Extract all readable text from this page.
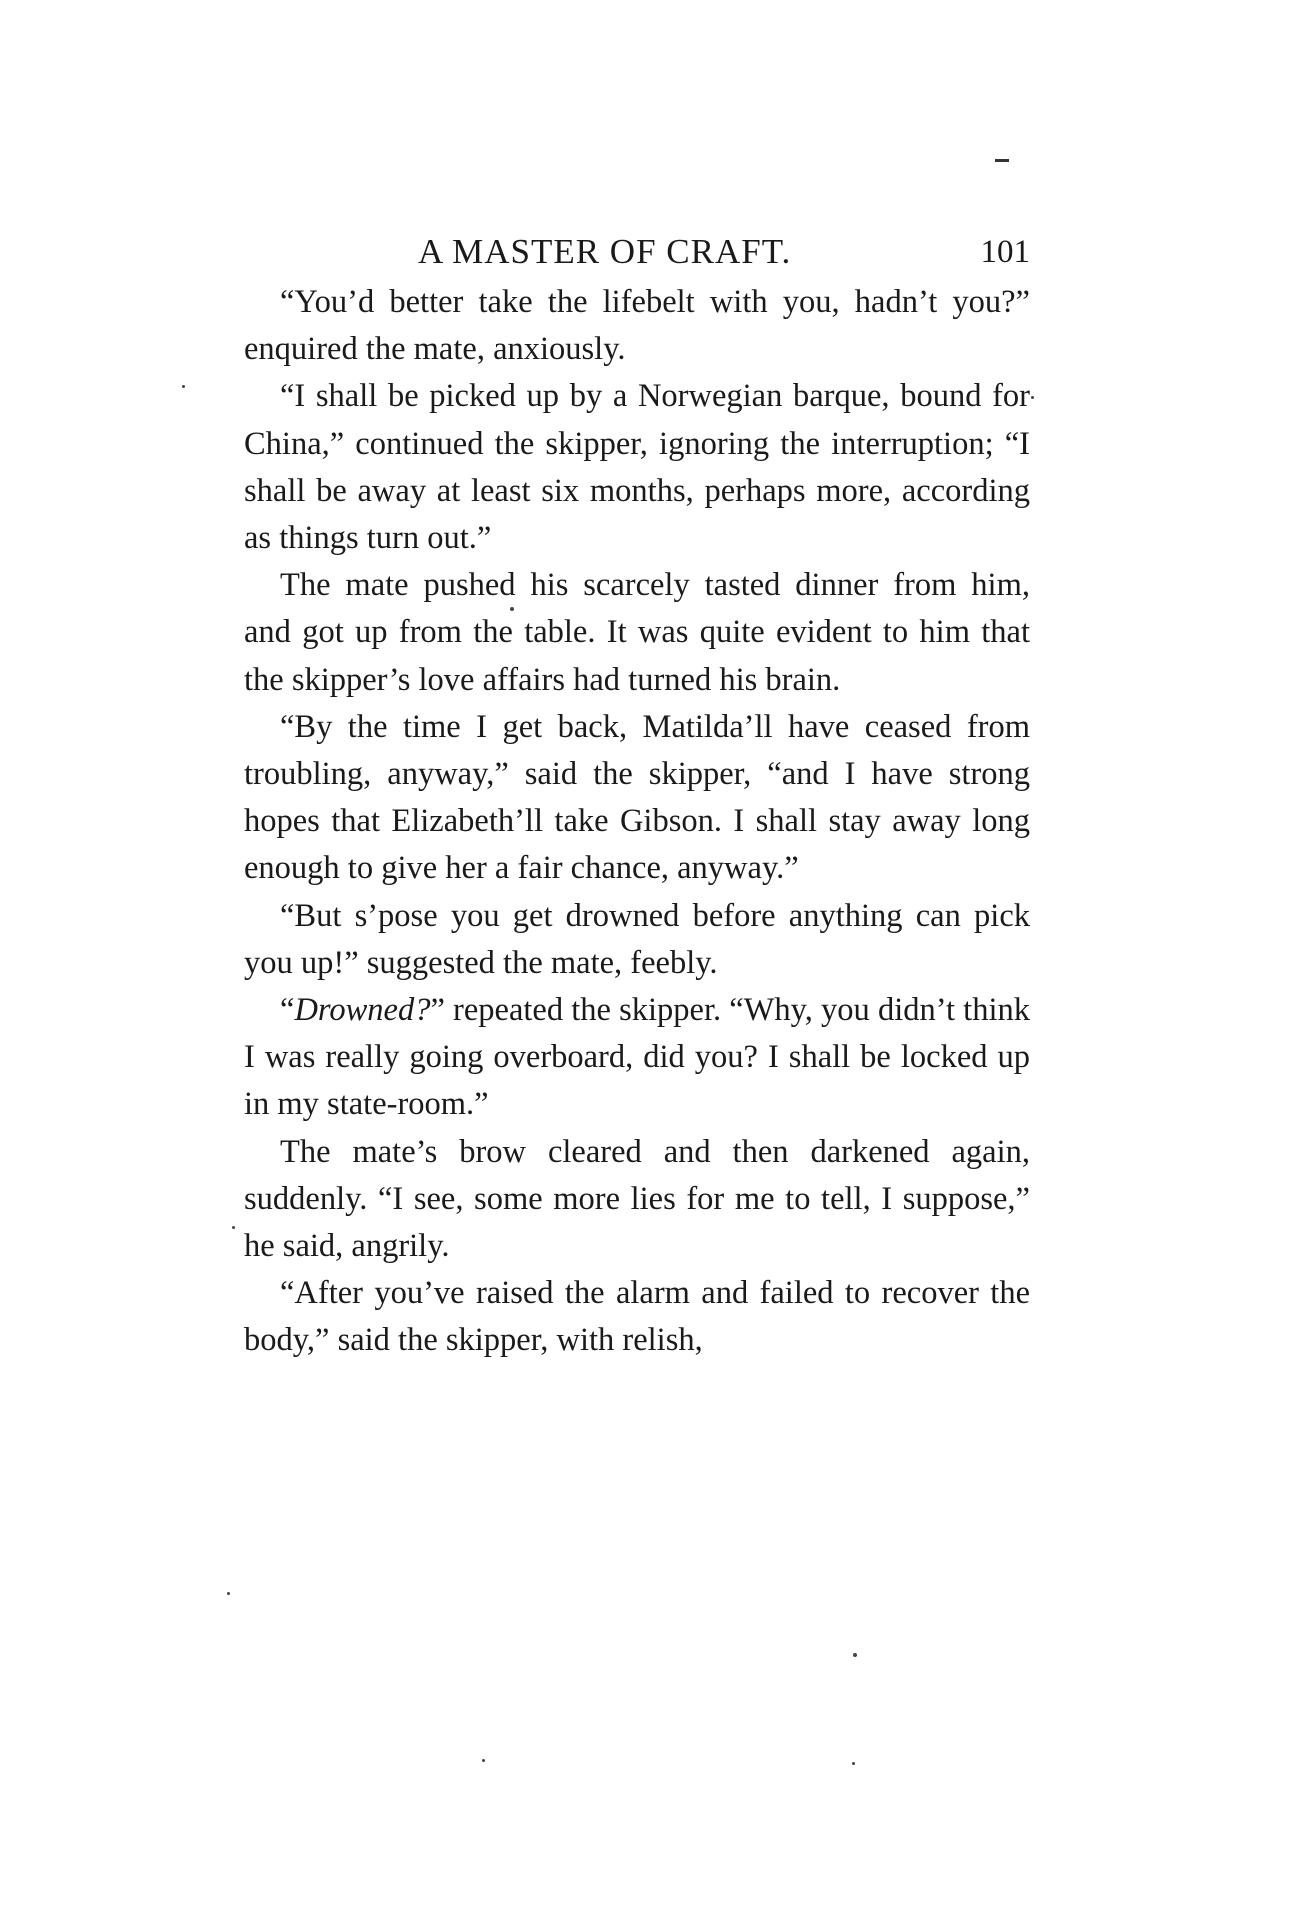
A MASTER OF CRAFT.	101

“You’d better take the lifebelt with you, hadn’t you?” enquired the mate, anxiously.

“I shall be picked up by a Norwegian barque, bound for China,” continued the skipper, ignoring the interruption; “I shall be away at least six months, perhaps more, according as things turn out.”

The mate pushed his scarcely tasted dinner from him, and got up from the table. It was quite evident to him that the skipper’s love affairs had turned his brain.

“By the time I get back, Matilda’ll have ceased from troubling, anyway,” said the skipper, “and I have strong hopes that Elizabeth’ll take Gibson. I shall stay away long enough to give her a fair chance, anyway.”

“But s’pose you get drowned before anything can pick you up!” suggested the mate, feebly.

“Drowned?” repeated the skipper. “Why, you didn’t think I was really going overboard, did you? I shall be locked up in my state-room.”

The mate’s brow cleared and then darkened again, suddenly. “I see, some more lies for me to tell, I suppose,” he said, angrily.

“After you’ve raised the alarm and failed to recover the body,” said the skipper, with relish,
